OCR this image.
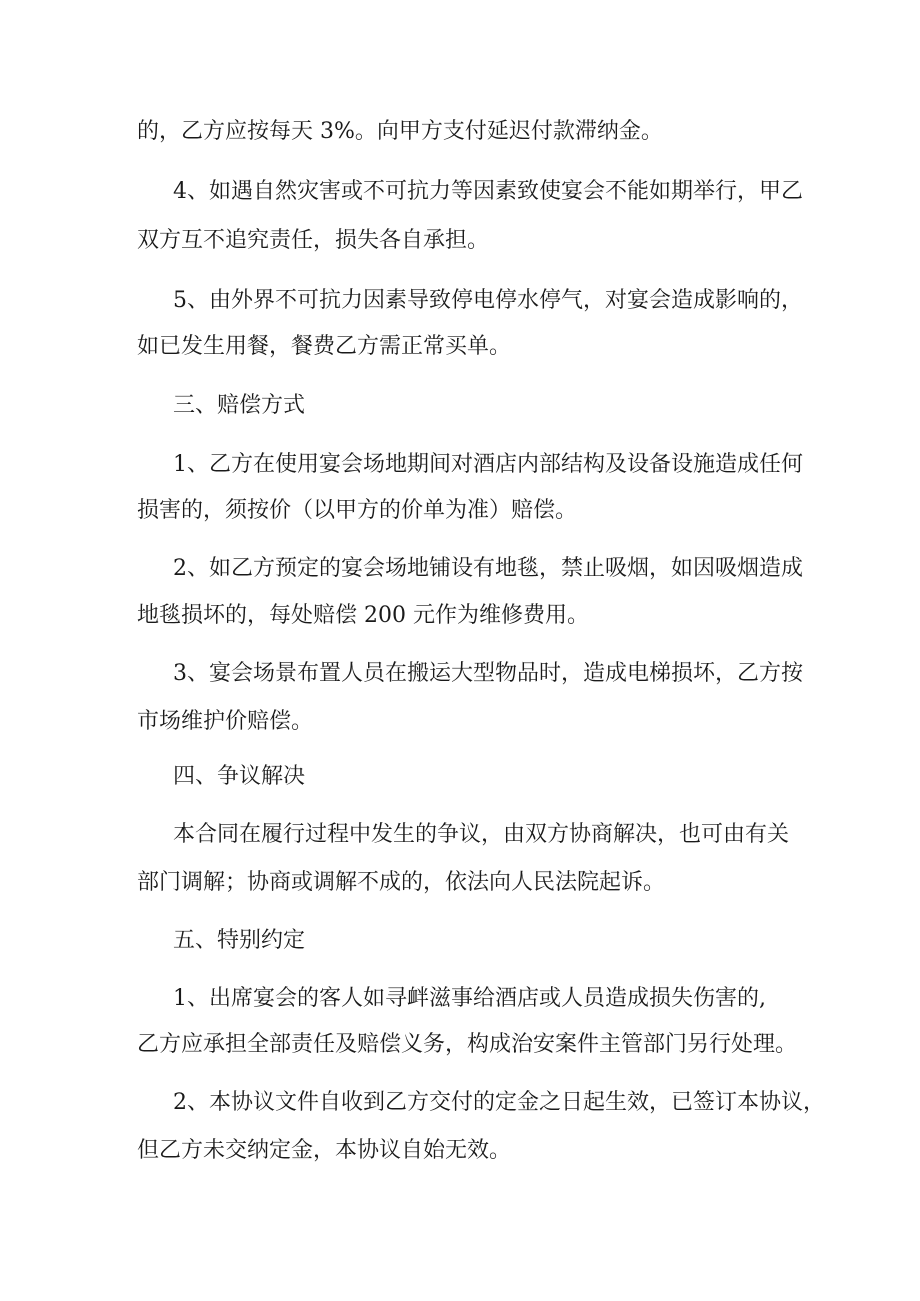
的，乙方应按每天 3%。向甲方支付延迟付款滞纳金。
4、如遇自然灾害或不可抗力等因素致使宴会不能如期举行，甲乙
双方互不追究责任，损失各自承担。
5、由外界不可抗力因素导致停电停水停气，对宴会造成影响的，
如已发生用餐，餐费乙方需正常买单。
三、赔偿方式
1、乙方在使用宴会场地期间对酒店内部结构及设备设施造成任何
损害的，须按价（以甲方的价单为准）赔偿。
2、如乙方预定的宴会场地铺设有地毯，禁止吸烟，如因吸烟造成
地毯损坏的，每处赔偿 200 元作为维修费用。
3、宴会场景布置人员在搬运大型物品时，造成电梯损坏，乙方按
市场维护价赔偿。
四、争议解决
本合同在履行过程中发生的争议，由双方协商解决，也可由有关
部门调解；协商或调解不成的，依法向人民法院起诉。
五、特别约定
1、出席宴会的客人如寻衅滋事给酒店或人员造成损失伤害的,
乙方应承担全部责任及赔偿义务，构成治安案件主管部门另行处理。
2、本协议文件自收到乙方交付的定金之日起生效，已签订本协议，
但乙方未交纳定金，本协议自始无效。
